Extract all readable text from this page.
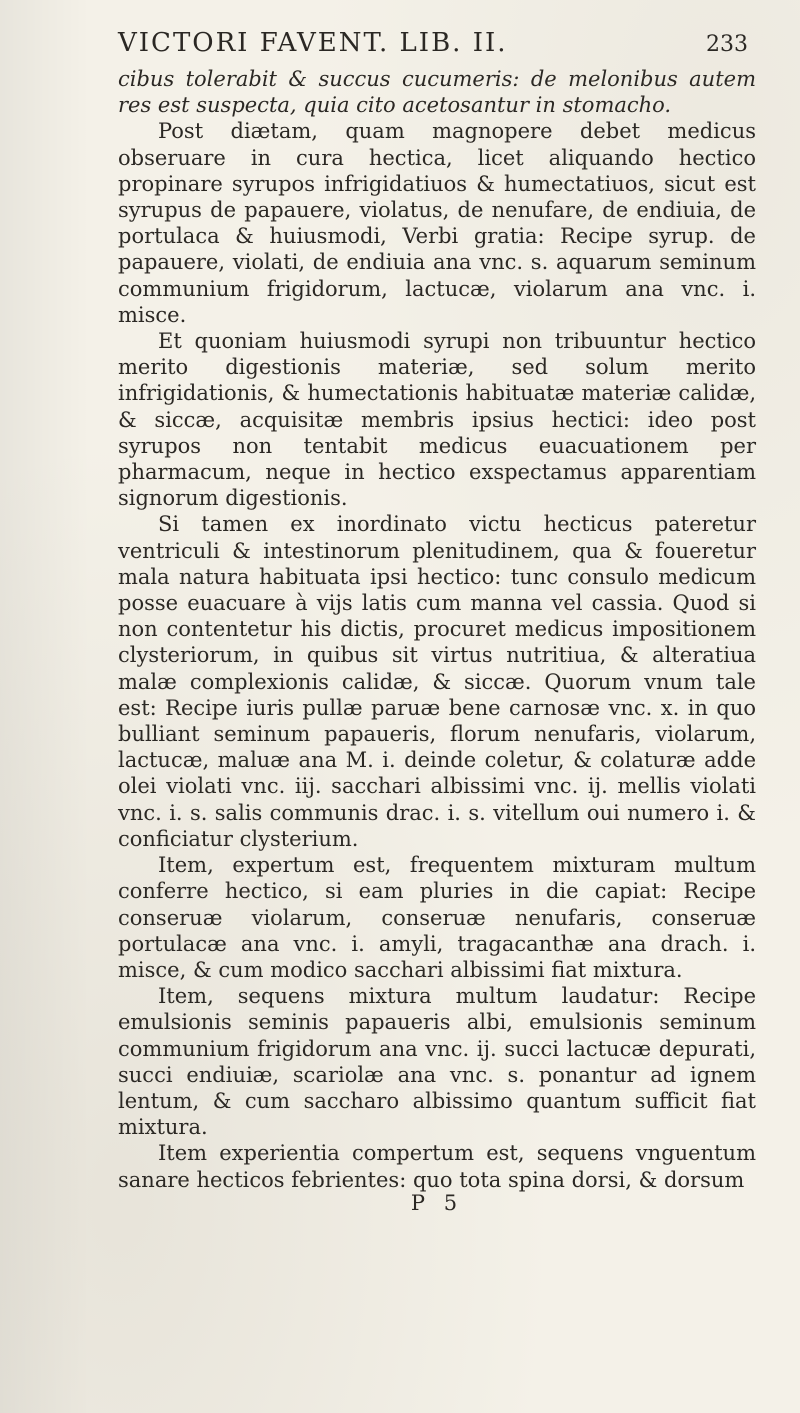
VICTORI FAVENT. LIB. II.	233

cibus tolerabit & succus cucumeris: de melonibus autem res est suspecta, quia cito acetosantur in stomacho.

Post diætam, quam magnopere debet medicus obseruare in cura hectica, licet aliquando hectico propinare syrupos infrigidatiuos & humectatiuos, sicut est syrupus de papauere, violatus, de nenufare, de endiuia, de portulaca & huiusmodi, Verbi gratia: Recipe syrup. de papauere, violati, de endiuia ana vnc. s. aquarum seminum communium frigidorum, lactucæ, violarum ana vnc. i. misce.

Et quoniam huiusmodi syrupi non tribuuntur hectico merito digestionis materiæ, sed solum merito infrigidationis, & humectationis habituatæ materiæ calidæ, & siccæ, acquisitæ membris ipsius hectici: ideo post syrupos non tentabit medicus euacuationem per pharmacum, neque in hectico exspectamus apparentiam signorum digestionis.

Si tamen ex inordinato victu hecticus pateretur ventriculi & intestinorum plenitudinem, qua & foueretur mala natura habituata ipsi hectico: tunc consulo medicum posse euacuare à vijs latis cum manna vel cassia. Quod si non contentetur his dictis, procuret medicus impositionem clysteriorum, in quibus sit virtus nutritiua, & alteratiua malæ complexionis calidæ, & siccæ. Quorum vnum tale est: Recipe iuris pullæ paruæ bene carnosæ vnc. x. in quo bulliant seminum papaueris, florum nenufaris, violarum, lactucæ, maluæ ana M. i. deinde coletur, & colaturæ adde olei violati vnc. iij. sacchari albissimi vnc. ij. mellis violati vnc. i. s. salis communis drac. i. s. vitellum oui numero i. & conficiatur clysterium.

Item, expertum est, frequentem mixturam multum conferre hectico, si eam pluries in die capiat: Recipe conseruæ violarum, conseruæ nenufaris, conseruæ portulacæ ana vnc. i. amyli, tragacanthæ ana drach. i. misce, & cum modico sacchari albissimi fiat mixtura.

Item, sequens mixtura multum laudatur: Recipe emulsionis seminis papaueris albi, emulsionis seminum communium frigidorum ana vnc. ij. succi lactucæ depurati, succi endiuiæ, scariolæ ana vnc. s. ponantur ad ignem lentum, & cum saccharo albissimo quantum sufficit fiat mixtura.

Item experientia compertum est, sequens vnguentum sanare hecticos febrientes: quo tota spina dorsi, & dorsum

P 5
